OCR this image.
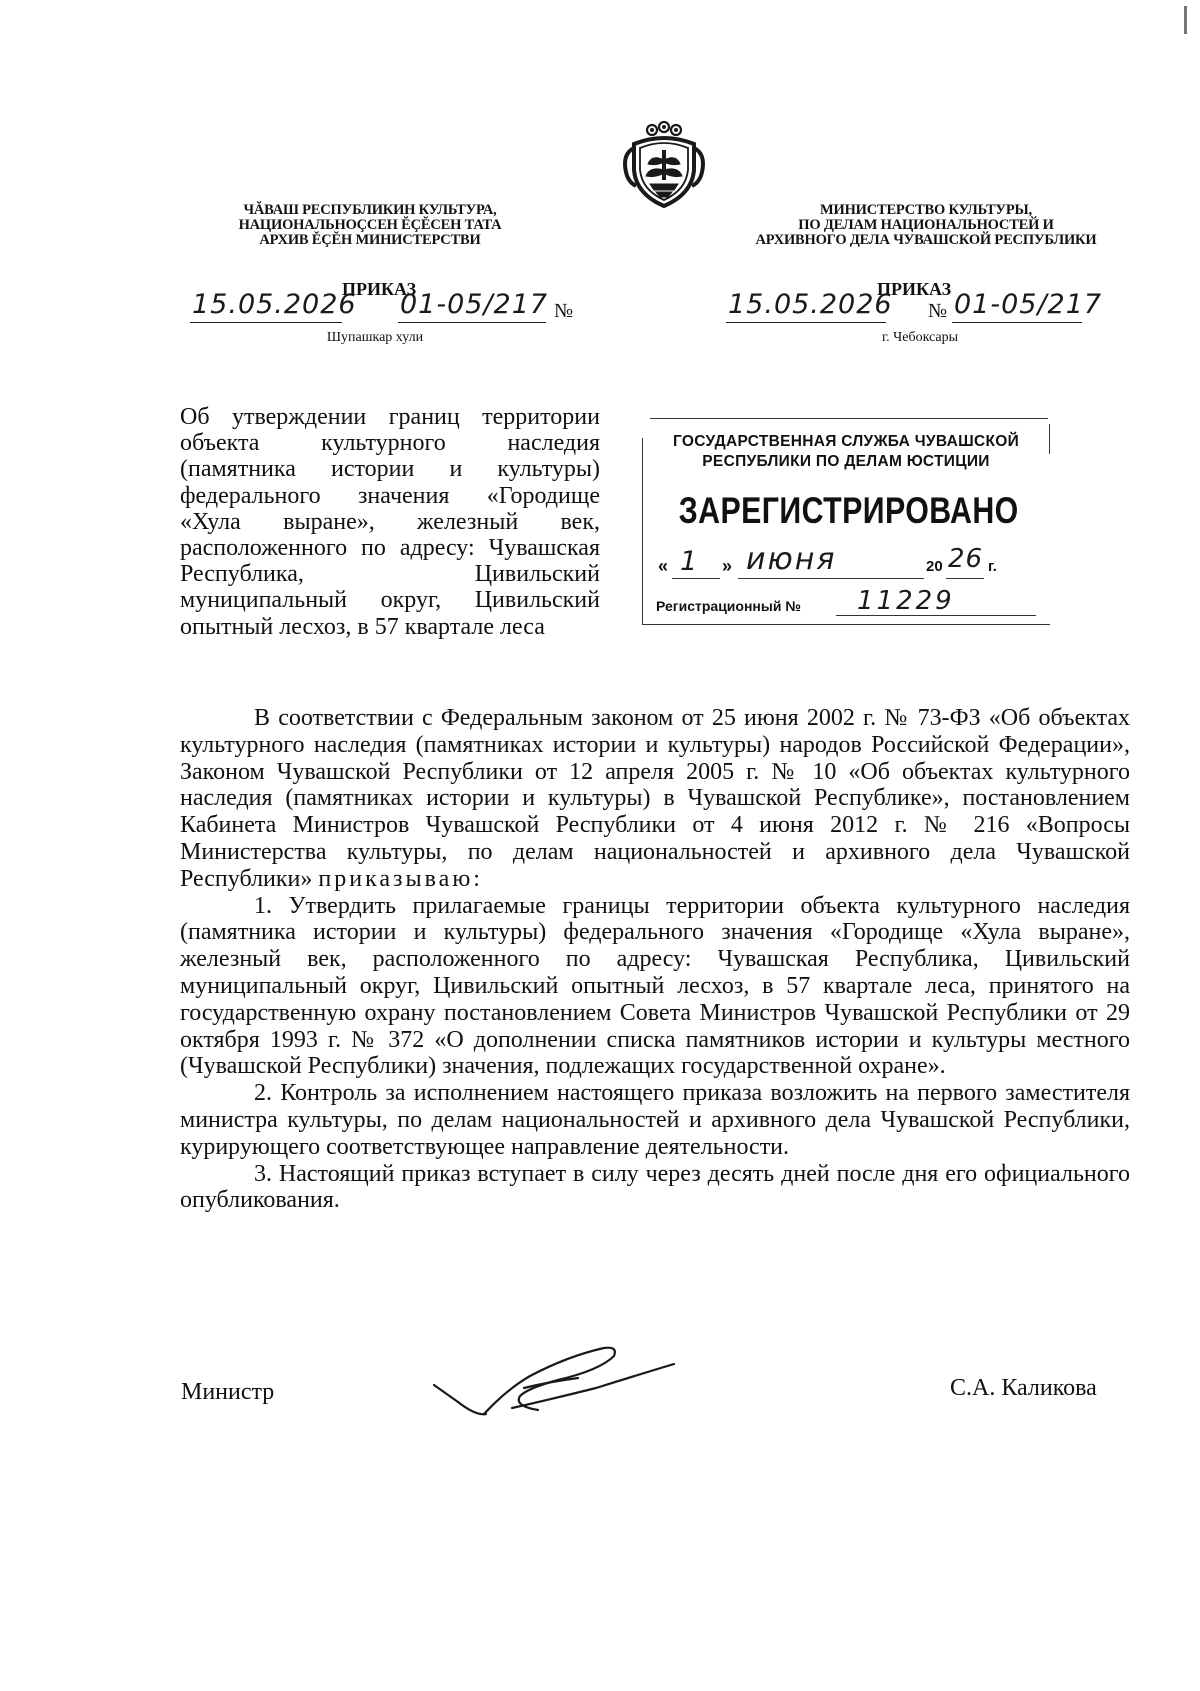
ЧĂВАШ РЕСПУБЛИКИН КУЛЬТУРА,
НАЦИОНАЛЬНОÇСЕН ĔÇĔСЕН ТАТА
АРХИВ ĔÇĔН МИНИСТЕРСТВИ
ПРИКАЗ
15.05.2026 01-05/217 №
Шупашкар хули
МИНИСТЕРСТВО КУЛЬТУРЫ,
ПО ДЕЛАМ НАЦИОНАЛЬНОСТЕЙ И
АРХИВНОГО ДЕЛА ЧУВАШСКОЙ РЕСПУБЛИКИ
ПРИКАЗ
15.05.2026 № 01-05/217
г. Чебоксары
Об утверждении границ территории объекта культурного наследия (памятника истории и культуры) федерального значения «Городище «Хула выране», железный век, расположенного по адресу: Чувашская Республика, Цивильский муниципальный округ, Цивильский опытный лесхоз, в 57 квартале леса
ГОСУДАРСТВЕННАЯ СЛУЖБА ЧУВАШСКОЙ
РЕСПУБЛИКИ ПО ДЕЛАМ ЮСТИЦИИ
ЗАРЕГИСТРИРОВАНО
« 1 » июня	20 26 г.
Регистрационный № 11229

В соответствии с Федеральным законом от 25 июня 2002 г. № 73-ФЗ «Об объектах культурного наследия (памятниках истории и культуры) народов Российской Федерации», Законом Чувашской Республики от 12 апреля 2005 г. № 10 «Об объектах культурного наследия (памятниках истории и культуры) в Чувашской Республике», постановлением Кабинета Министров Чувашской Республики от 4 июня 2012 г. № 216 «Вопросы Министерства культуры, по делам национальностей и архивного дела Чувашской Республики» приказываю:

1. Утвердить прилагаемые границы территории объекта культурного наследия (памятника истории и культуры) федерального значения «Городище «Хула выране», железный век, расположенного по адресу: Чувашская Республика, Цивильский муниципальный округ, Цивильский опытный лесхоз, в 57 квартале леса, принятого на государственную охрану постановлением Совета Министров Чувашской Республики от 29 октября 1993 г. № 372 «О дополнении списка памятников истории и культуры местного (Чувашской Республики) значения, подлежащих государственной охране».

2. Контроль за исполнением настоящего приказа возложить на первого заместителя министра культуры, по делам национальностей и архивного дела Чувашской Республики, курирующего соответствующее направление деятельности.

3. Настоящий приказ вступает в силу через десять дней после дня его официального опубликования.

Министр	С.А. Каликова
